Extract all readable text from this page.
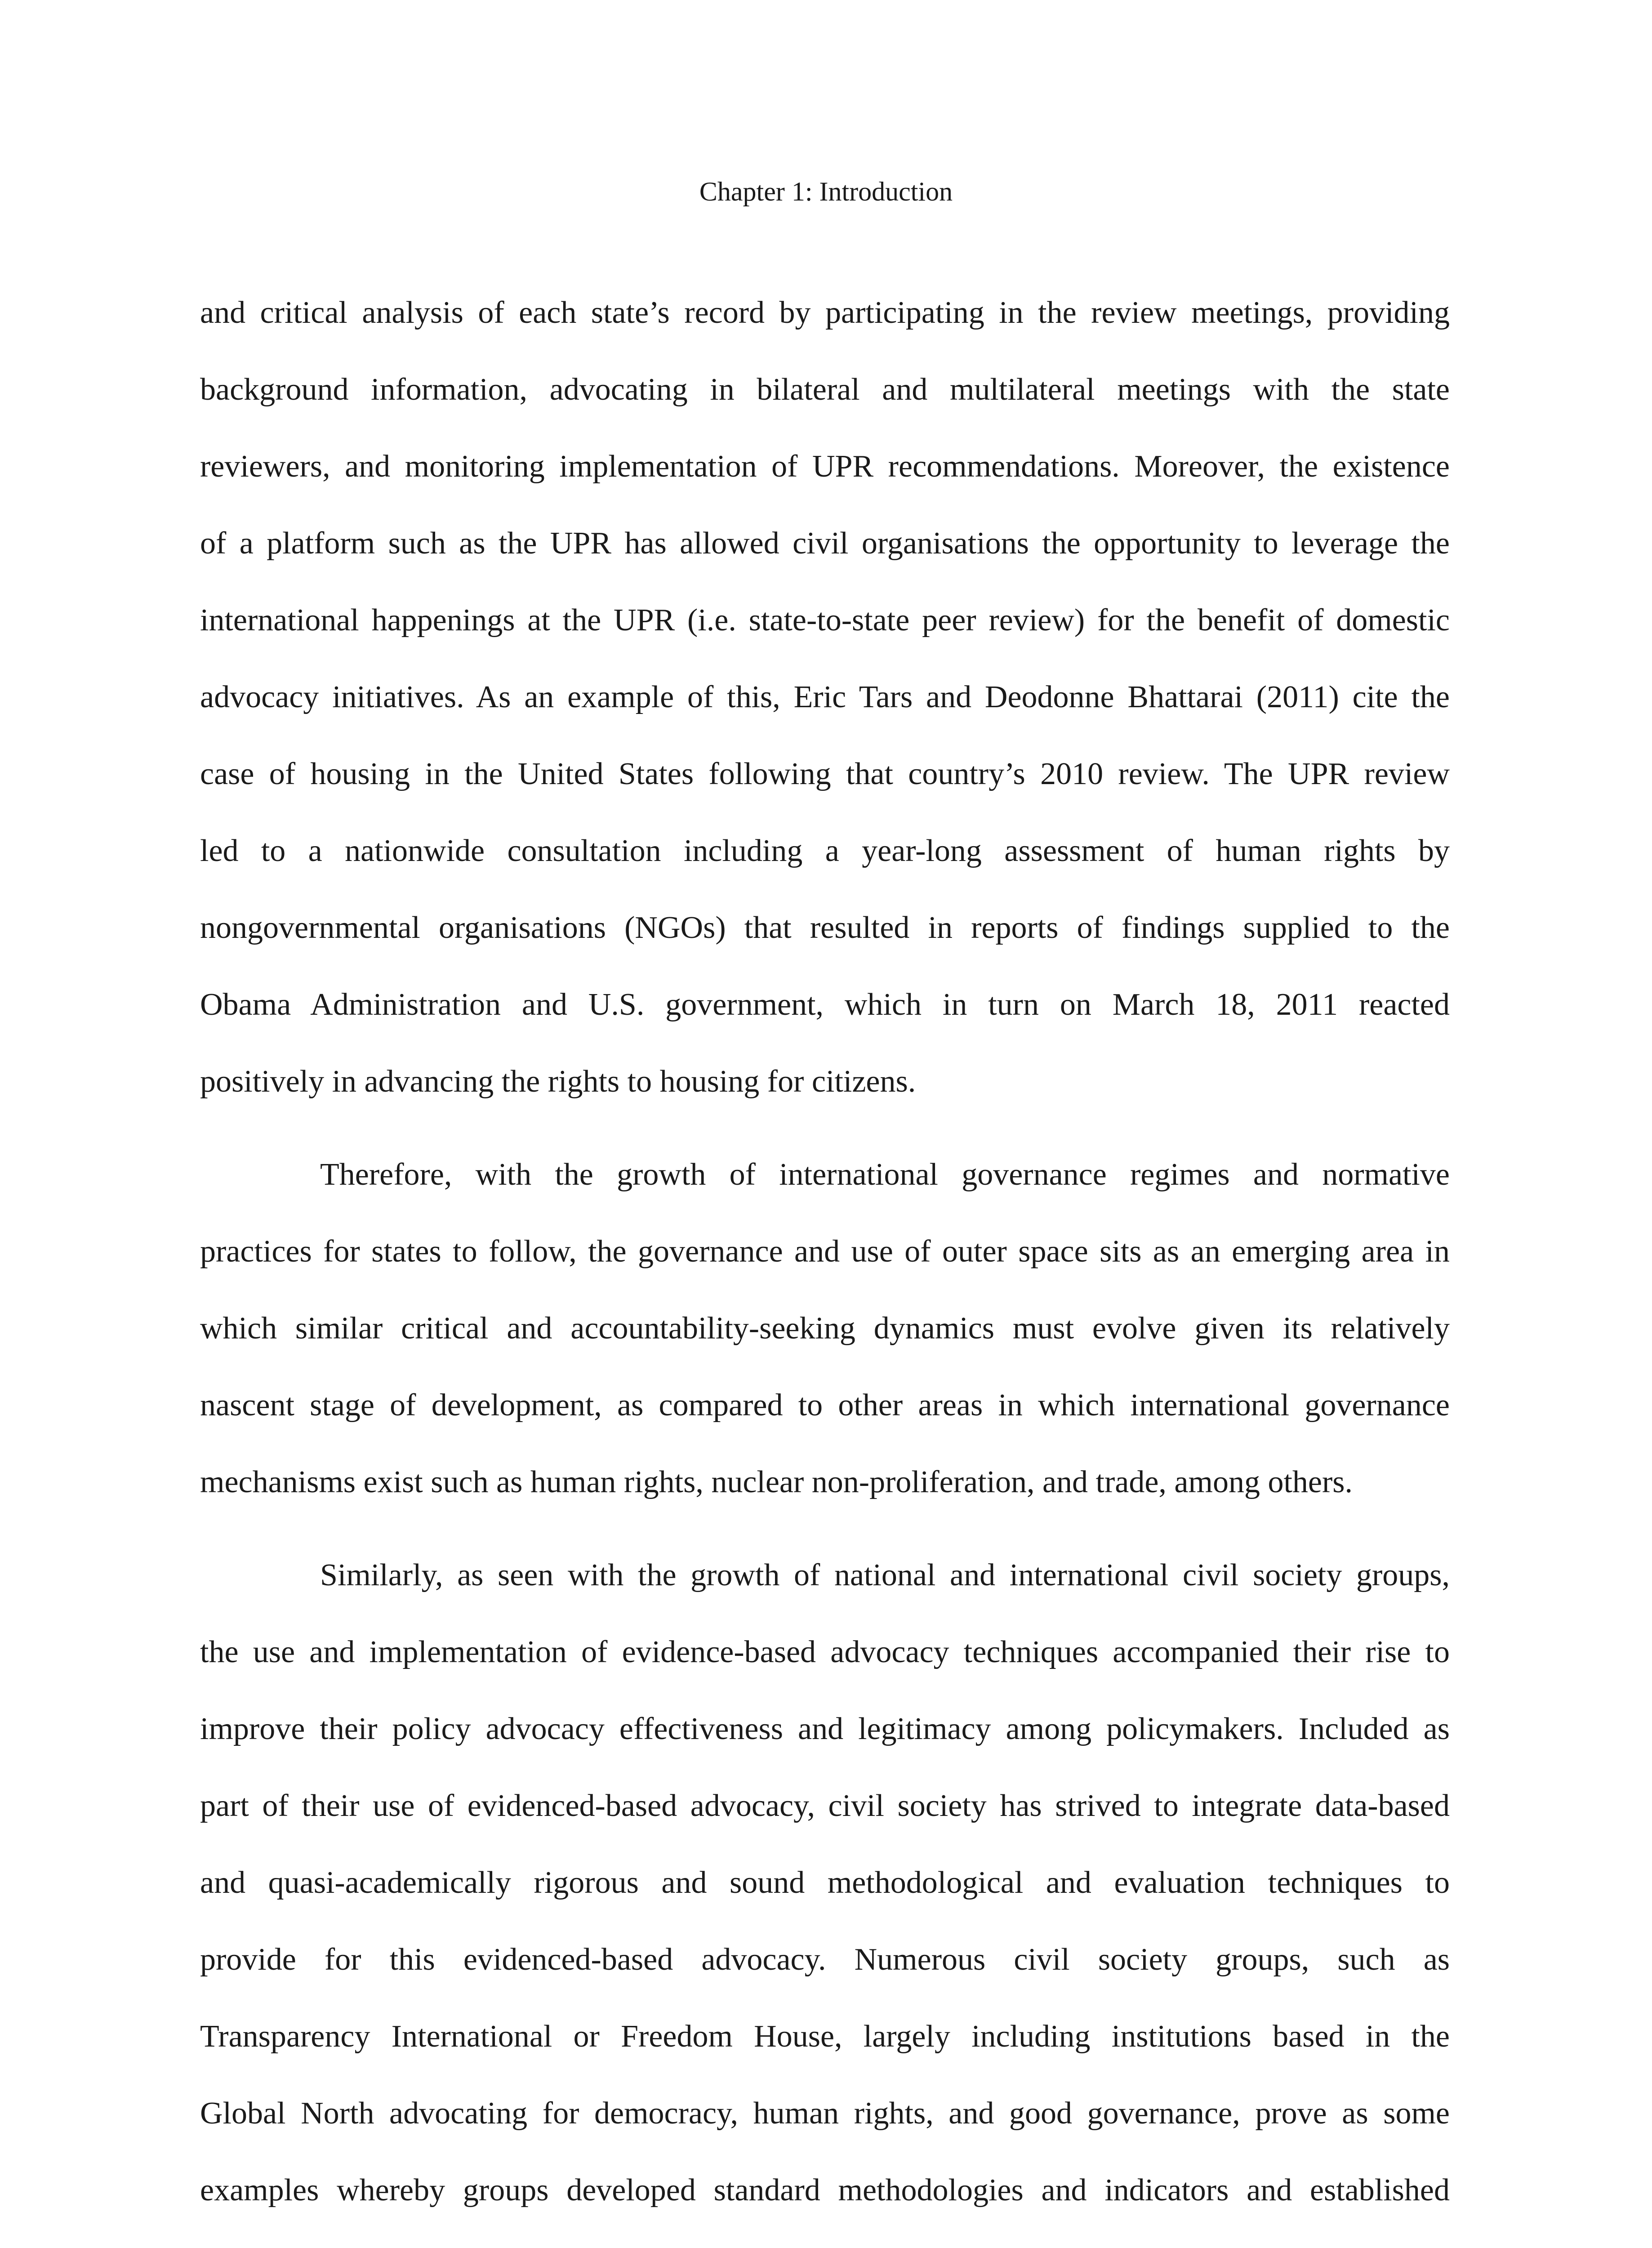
Chapter 1: Introduction

and critical analysis of each state’s record by participating in the review meetings, providing
background information, advocating in bilateral and multilateral meetings with the state
reviewers, and monitoring implementation of UPR recommendations. Moreover, the existence
of a platform such as the UPR has allowed civil organisations the opportunity to leverage the
international happenings at the UPR (i.e. state-to-state peer review) for the benefit of domestic
advocacy initiatives. As an example of this, Eric Tars and Deodonne Bhattarai (2011) cite the
case of housing in the United States following that country’s 2010 review. The UPR review
led to a nationwide consultation including a year-long assessment of human rights by
nongovernmental organisations (NGOs) that resulted in reports of findings supplied to the
Obama Administration and U.S. government, which in turn on March 18, 2011 reacted
positively in advancing the rights to housing for citizens.

Therefore, with the growth of international governance regimes and normative
practices for states to follow, the governance and use of outer space sits as an emerging area in
which similar critical and accountability-seeking dynamics must evolve given its relatively
nascent stage of development, as compared to other areas in which international governance
mechanisms exist such as human rights, nuclear non-proliferation, and trade, among others.

Similarly, as seen with the growth of national and international civil society groups,
the use and implementation of evidence-based advocacy techniques accompanied their rise to
improve their policy advocacy effectiveness and legitimacy among policymakers. Included as
part of their use of evidenced-based advocacy, civil society has strived to integrate data-based
and quasi-academically rigorous and sound methodological and evaluation techniques to
provide for this evidenced-based advocacy. Numerous civil society groups, such as
Transparency International or Freedom House, largely including institutions based in the
Global North advocating for democracy, human rights, and good governance, prove as some
examples whereby groups developed standard methodologies and indicators and established
